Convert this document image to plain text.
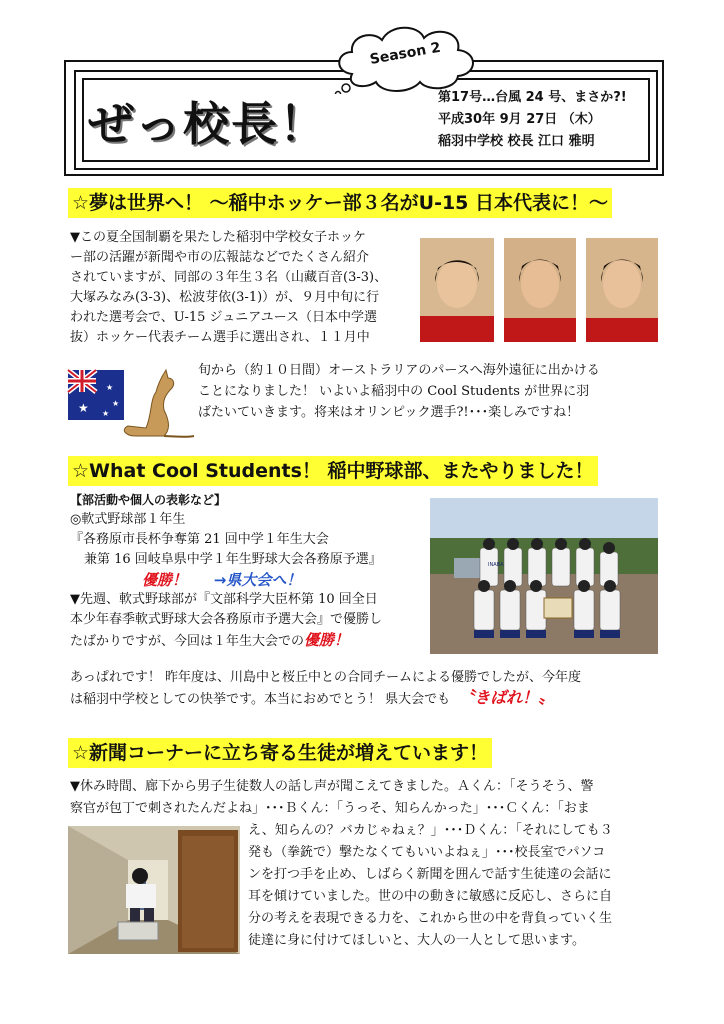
ぜっ校長！
Season 2
第17号…台風 24 号、まさか?!
平成30年 9月 27日 （木）
稲羽中学校 校長 江口 雅明
☆夢は世界へ！ ～稲中ホッケー部３名がU-15 日本代表に！～
▼この夏全国制覇を果たした稲羽中学校女子ホッケ
ー部の活躍が新聞や市の広報誌などでたくさん紹介
されていますが、同部の３年生３名（山藏百音(3-3)、
大塚みなみ(3-3)、松波芽依(3-1)）が、９月中旬に行
われた選考会で、U-15 ジュニアユース（日本中学選
抜）ホッケー代表チーム選手に選出され、１１月中
★
★
★
★
旬から（約１０日間）オーストラリアのパースへ海外遠征に出かける
ことになりました！ いよいよ稲羽中の Cool Students が世界に羽
ばたいていきます。将来はオリンピック選手?!･･･楽しみですね！
☆What Cool Students！ 稲中野球部、またやりました！
【部活動や個人の表彰など】
◎軟式野球部１年生
『各務原市長杯争奪第 21 回中学１年生大会
兼第 16 回岐阜県中学１年生野球大会各務原予選』
優勝！ →県大会へ！
▼先週、軟式野球部が『文部科学大臣杯第 10 回全日
本少年春季軟式野球大会各務原市予選大会』で優勝し
たばかりですが、今回は１年生大会での優勝！
INABA
あっぱれです！ 昨年度は、川島中と桜丘中との合同チームによる優勝でしたが、今年度
は稲羽中学校としての快挙です。本当におめでとう！ 県大会でも 〝きばれ！〟
☆新聞コーナーに立ち寄る生徒が増えています！
▼休み時間、廊下から男子生徒数人の話し声が聞こえてきました。Ａくん：「そうそう、警
察官が包丁で刺されたんだよね」･･･Ｂくん：「うっそ、知らんかった」･･･Ｃくん：「おま
え、知らんの？バカじゃねぇ？」･･･Ｄくん：「それにしても３
発も（拳銃で）撃たなくてもいいよねぇ」･･･校長室でパソコ
ンを打つ手を止め、しばらく新聞を囲んで話す生徒達の会話に
耳を傾けていました。世の中の動きに敏感に反応し、さらに自
分の考えを表現できる力を、これから世の中を背負っていく生
徒達に身に付けてほしいと、大人の一人として思います。
